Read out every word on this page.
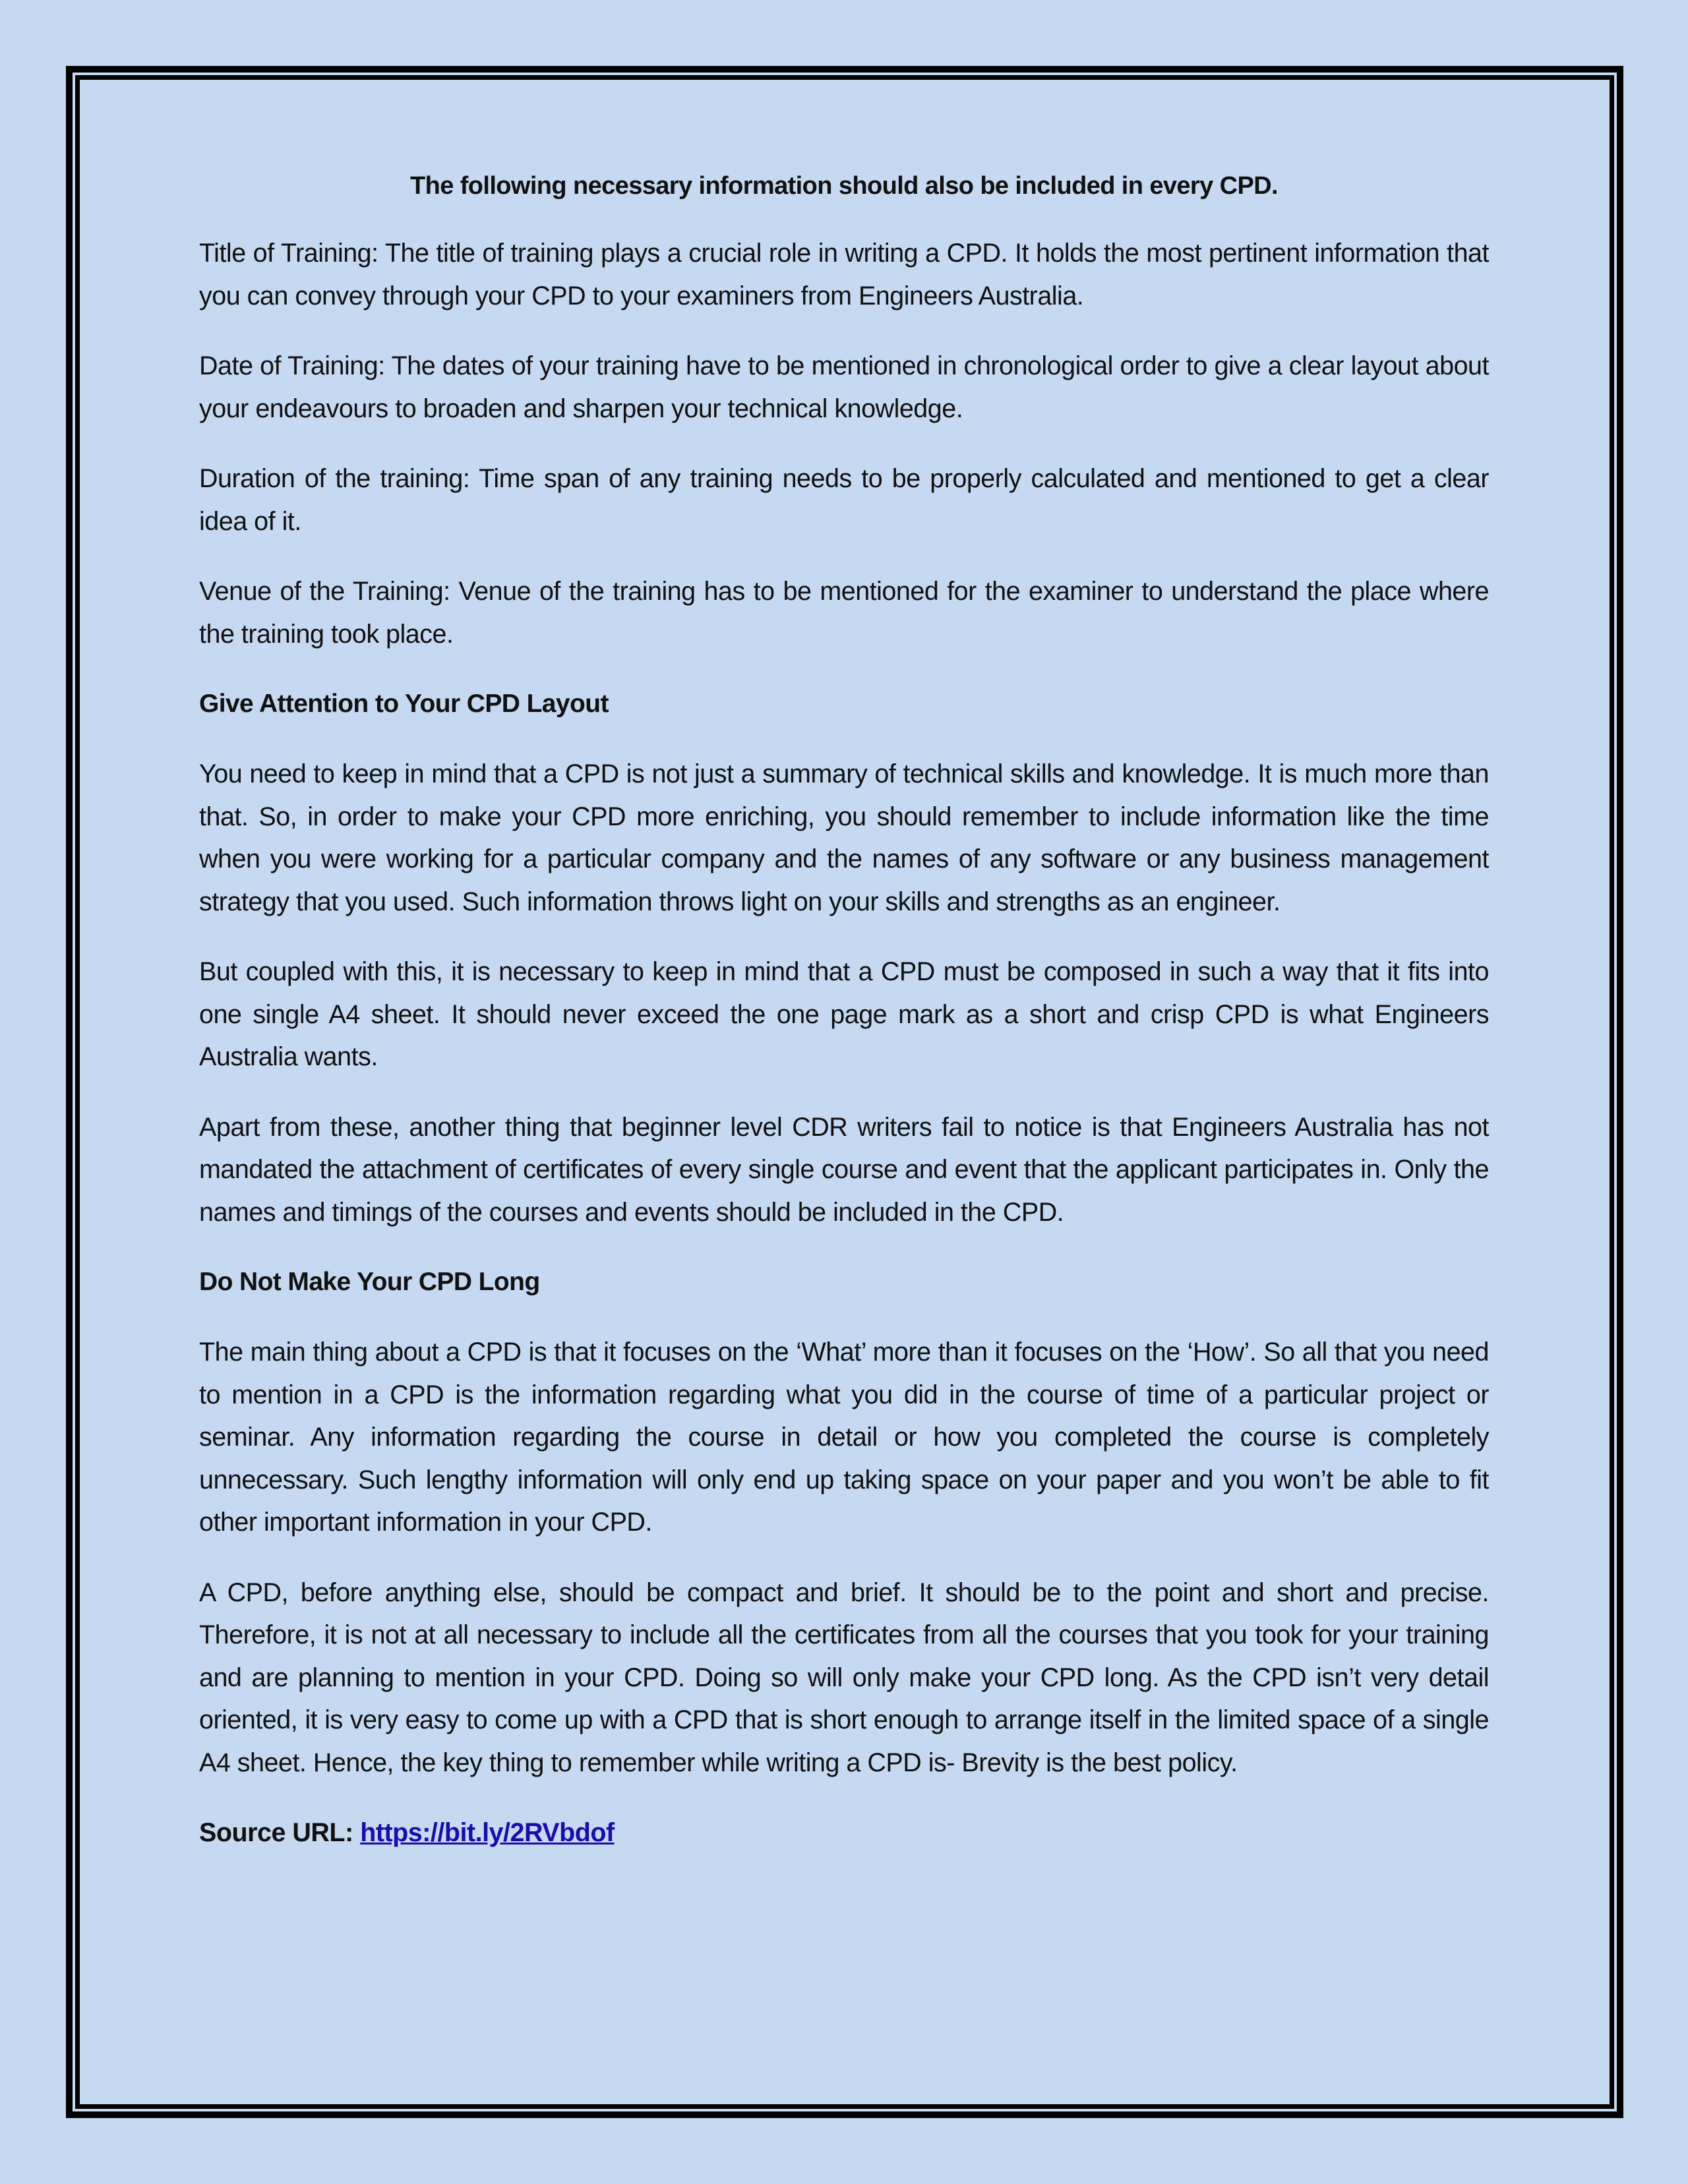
The following necessary information should also be included in every CPD.

Title of Training: The title of training plays a crucial role in writing a CPD. It holds the most pertinent information that you can convey through your CPD to your examiners from Engineers Australia.

Date of Training: The dates of your training have to be mentioned in chronological order to give a clear layout about your endeavours to broaden and sharpen your technical knowledge.

Duration of the training: Time span of any training needs to be properly calculated and mentioned to get a clear idea of it.

Venue of the Training: Venue of the training has to be mentioned for the examiner to understand the place where the training took place.

Give Attention to Your CPD Layout

You need to keep in mind that a CPD is not just a summary of technical skills and knowledge. It is much more than that. So, in order to make your CPD more enriching, you should remember to include information like the time when you were working for a particular company and the names of any software or any business management strategy that you used. Such information throws light on your skills and strengths as an engineer.

But coupled with this, it is necessary to keep in mind that a CPD must be composed in such a way that it fits into one single A4 sheet. It should never exceed the one page mark as a short and crisp CPD is what Engineers Australia wants.

Apart from these, another thing that beginner level CDR writers fail to notice is that Engineers Australia has not mandated the attachment of certificates of every single course and event that the applicant participates in. Only the names and timings of the courses and events should be included in the CPD.

Do Not Make Your CPD Long

The main thing about a CPD is that it focuses on the ‘What’ more than it focuses on the ‘How’. So all that you need to mention in a CPD is the information regarding what you did in the course of time of a particular project or seminar. Any information regarding the course in detail or how you completed the course is completely unnecessary. Such lengthy information will only end up taking space on your paper and you won’t be able to fit other important information in your CPD.

A CPD, before anything else, should be compact and brief. It should be to the point and short and precise. Therefore, it is not at all necessary to include all the certificates from all the courses that you took for your training and are planning to mention in your CPD. Doing so will only make your CPD long. As the CPD isn’t very detail oriented, it is very easy to come up with a CPD that is short enough to arrange itself in the limited space of a single A4 sheet. Hence, the key thing to remember while writing a CPD is- Brevity is the best policy.

Source URL: https://bit.ly/2RVbdof
